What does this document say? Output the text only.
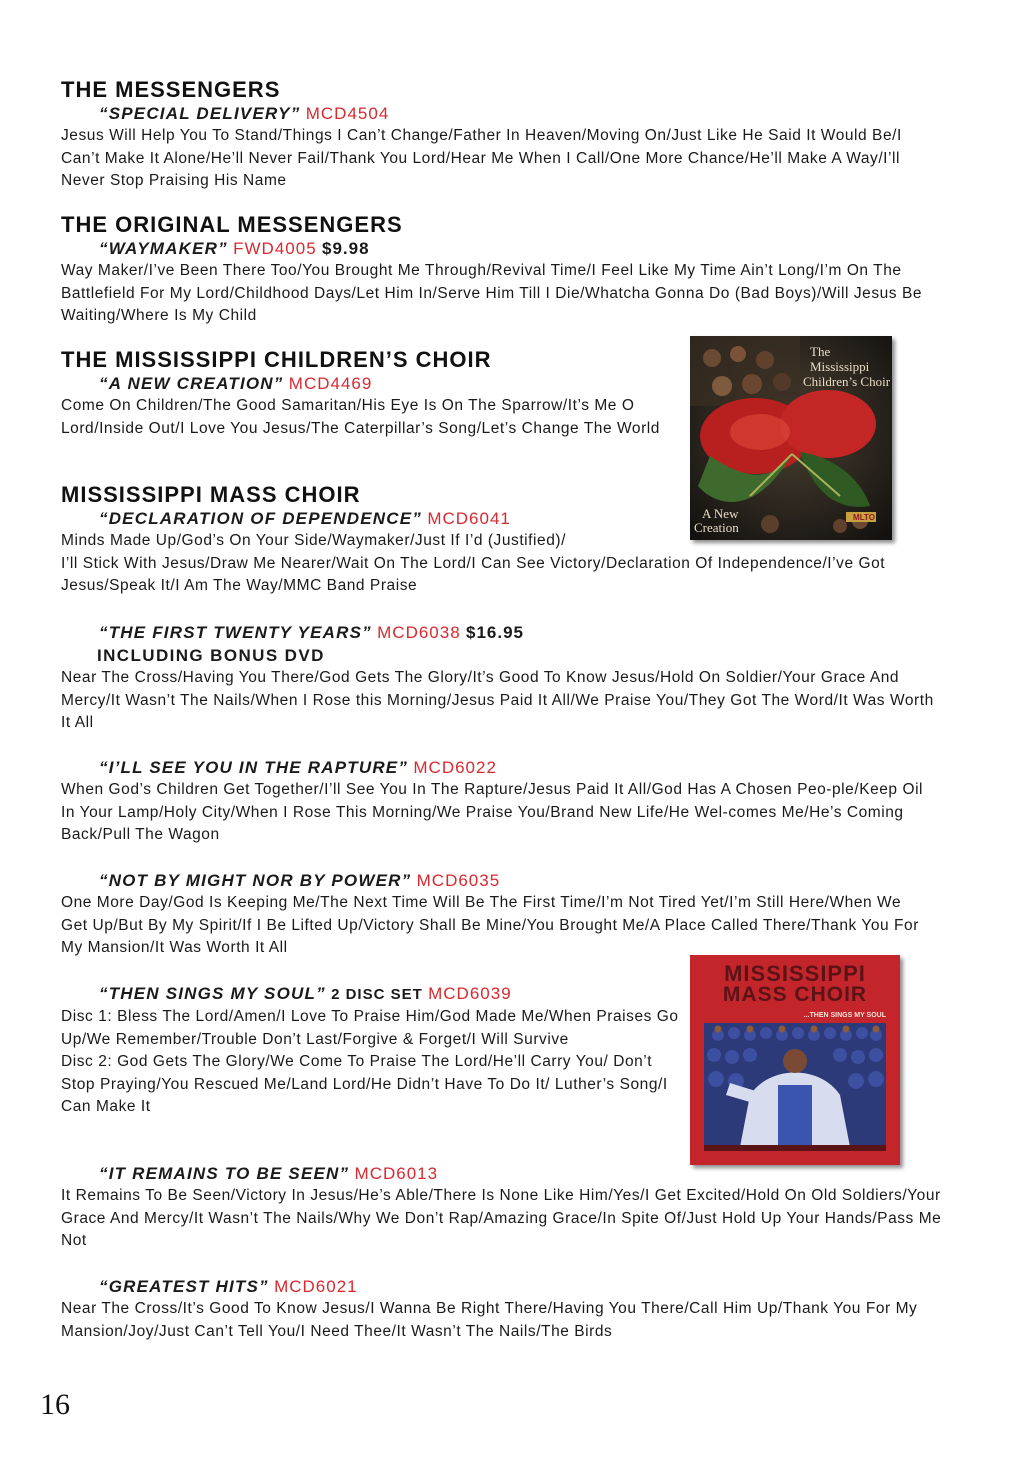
THE MESSENGERS
“SPECIAL DELIVERY” MCD4504
Jesus Will Help You To Stand/Things I Can’t Change/Father In Heaven/Moving On/Just Like He Said It Would Be/I Can’t Make It Alone/He’ll Never Fail/Thank You Lord/Hear Me When I Call/One More Chance/He’ll Make A Way/I’ll Never Stop Praising His Name
THE ORIGINAL MESSENGERS
“WAYMAKER” FWD4005 $9.98
Way Maker/I’ve Been There Too/You Brought Me Through/Revival Time/I Feel Like My Time Ain’t Long/I’m On The Battlefield For My Lord/Childhood Days/Let Him In/Serve Him Till I Die/Whatcha Gonna Do (Bad Boys)/Will Jesus Be Waiting/Where Is My Child
THE MISSISSIPPI CHILDREN’S CHOIR
“A NEW CREATION” MCD4469
Come On Children/The Good Samaritan/His Eye Is On The Sparrow/It’s Me O Lord/Inside Out/I Love You Jesus/The Caterpillar’s Song/Let’s Change The World
MISSISSIPPI MASS CHOIR
“DECLARATION OF DEPENDENCE” MCD6041
Minds Made Up/God’s On Your Side/Waymaker/Just If I’d (Justified)/
I’ll Stick With Jesus/Draw Me Nearer/Wait On The Lord/I Can See Victory/Declaration Of Independence/I’ve Got Jesus/Speak It/I Am The Way/MMC Band Praise
“THE FIRST TWENTY YEARS” MCD6038 $16.95
INCLUDING BONUS DVD
Near The Cross/Having You There/God Gets The Glory/It’s Good To Know Jesus/Hold On Soldier/Your Grace And Mercy/It Wasn’t The Nails/When I Rose this Morning/Jesus Paid It All/We Praise You/They Got The Word/It Was Worth It All
“I’LL SEE YOU IN THE RAPTURE” MCD6022
When God’s Children Get Together/I’ll See You In The Rapture/Jesus Paid It All/God Has A Chosen Peo-ple/Keep Oil In Your Lamp/Holy City/When I Rose This Morning/We Praise You/Brand New Life/He Wel-comes Me/He’s Coming Back/Pull The Wagon
“NOT BY MIGHT NOR BY POWER” MCD6035
One More Day/God Is Keeping Me/The Next Time Will Be The First Time/I’m Not Tired Yet/I’m Still Here/When We Get Up/But By My Spirit/If I Be Lifted Up/Victory Shall Be Mine/You Brought Me/A Place Called There/Thank You For My Mansion/It Was Worth It All
“THEN SINGS MY SOUL” 2 DISC SET MCD6039
Disc 1: Bless The Lord/Amen/I Love To Praise Him/God Made Me/When Praises Go Up/We Remember/Trouble Don’t Last/Forgive & Forget/I Will Survive
Disc 2: God Gets The Glory/We Come To Praise The Lord/He’ll Carry You/ Don’t Stop Praying/You Rescued Me/Land Lord/He Didn’t Have To Do It/ Luther’s Song/I Can Make It
“IT REMAINS TO BE SEEN” MCD6013
It Remains To Be Seen/Victory In Jesus/He’s Able/There Is None Like Him/Yes/I Get Excited/Hold On Old Soldiers/Your Grace And Mercy/It Wasn’t The Nails/Why We Don’t Rap/Amazing Grace/In Spite Of/Just Hold Up Your Hands/Pass Me Not
“GREATEST HITS” MCD6021
Near The Cross/It’s Good To Know Jesus/I Wanna Be Right There/Having You There/Call Him Up/Thank You For My Mansion/Joy/Just Can’t Tell You/I Need Thee/It Wasn’t The Nails/The Birds
MLTO
The
Mississippi
Children’s Choir
A New
Creation
MISSISSIPPI
MASS CHOIR
...THEN SINGS MY SOUL
16
